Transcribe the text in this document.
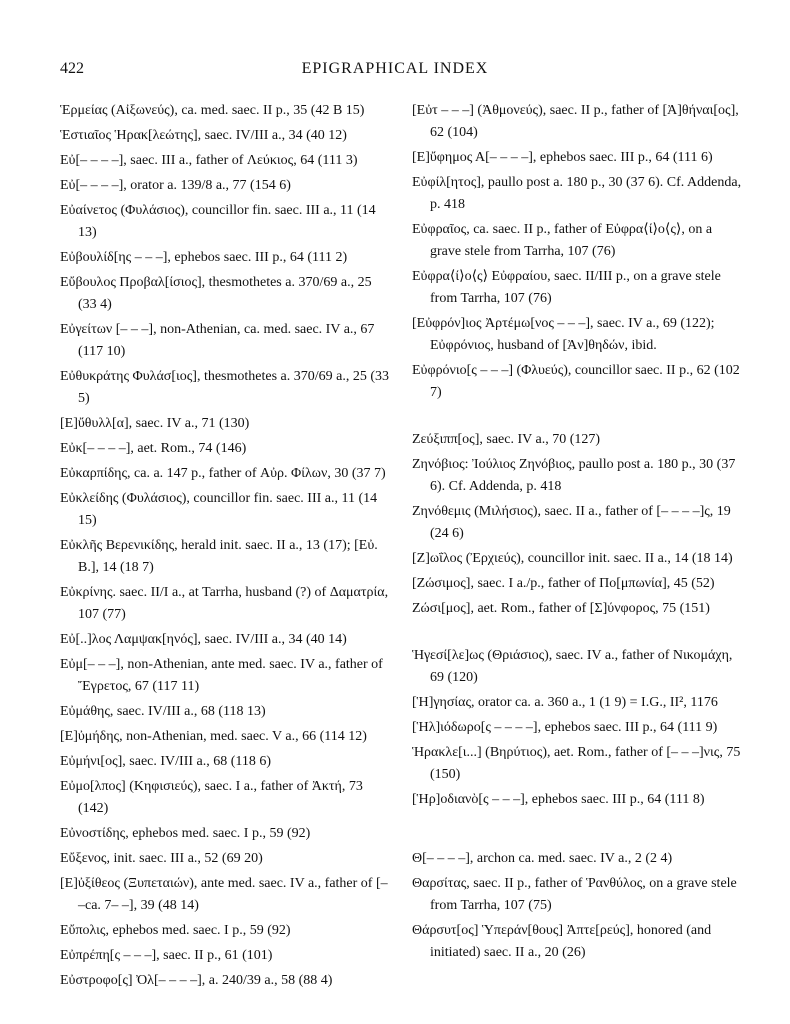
422	EPIGRAPHICAL INDEX

Ἑρμείας (Αἰξωνεύς), ca. med. saec. II p., 35 (42 B 15)

Ἑστιαῖος Ἡρακ[λεώτης], saec. IV/III a., 34 (40 12)

Εὐ[– – – –], saec. III a., father of Λεύκιος, 64 (111 3)

Εὐ[– – – –], orator a. 139/8 a., 77 (154 6)

Εὐαίνετος (Φυλάσιος), councillor fin. saec. III a., 11 (14 13)

Εὐβουλίδ[ης – – –], ephebos saec. III p., 64 (111 2)

Εὔβουλος Προβαλ[ίσιος], thesmothetes a. 370/69 a., 25 (33 4)

Εὐγείτων [– – –], non-Athenian, ca. med. saec. IV a., 67 (117 10)

Εὐθυκράτης Φυλάσ[ιος], thesmothetes a. 370/69 a., 25 (33 5)

[Ε]ὔθυλλ[α], saec. IV a., 71 (130)

Εὐκ[– – – –], aet. Rom., 74 (146)

Εὐκαρπίδης, ca. a. 147 p., father of Αὐρ. Φίλων, 30 (37 7)

Εὐκλείδης (Φυλάσιος), councillor fin. saec. III a., 11 (14 15)

Εὐκλῆς Βερενικίδης, herald init. saec. II a., 13 (17); [Εὐ. Β.], 14 (18 7)

Εὐκρίνης. saec. II/I a., at Tarrha, husband (?) of Δαματρία, 107 (77)

Εὐ[..]λος Λαμψακ[ηνός], saec. IV/III a., 34 (40 14)

Εὐμ[– – –], non-Athenian, ante med. saec. IV a., father of Ἔγρετος, 67 (117 11)

Εὐμάθης, saec. IV/III a., 68 (118 13)

[Ε]ὐμήδης, non-Athenian, med. saec. V a., 66 (114 12)

Εὐμήνι[ος], saec. IV/III a., 68 (118 6)

Εὐμο[λπος] (Κηφισιεύς), saec. I a., father of Ἀκτή, 73 (142)

Εὐνοστίδης, ephebos med. saec. I p., 59 (92)

Εὔξενος, init. saec. III a., 52 (69 20)

[Ε]ὐξίθεος (Ξυπεταιών), ante med. saec. IV a., father of [– –ca. 7– –], 39 (48 14)

Εὔπολις, ephebos med. saec. I p., 59 (92)

Εὐπρέπη[ς – – –], saec. II p., 61 (101)

Εὐστροφο[ς] Ὀλ[– – – –], a. 240/39 a., 58 (88 4)

[Εὐτ – – –] (Ἀθμονεύς), saec. II p., father of [Ἀ]θήναι[ος], 62 (104)

[Ε]ὔφημος Α[– – – –], ephebos saec. III p., 64 (111 6)

Εὐφίλ[ητος], paullo post a. 180 p., 30 (37 6). Cf. Addenda, p. 418

Εὐφραῖος, ca. saec. II p., father of Εὐφρα⟨ί⟩ο⟨ς⟩, on a grave stele from Tarrha, 107 (76)

Εὐφρα⟨ί⟩ο⟨ς⟩ Εὐφραίου, saec. II/III p., on a grave stele from Tarrha, 107 (76)

[Εὐφρόν]ιος Ἀρτέμω[νος – – –], saec. IV a., 69 (122); Εὐφρόνιος, husband of [Ἀν]θηδών, ibid.

Εὐφρόνιο[ς – – –] (Φλυεύς), councillor saec. II p., 62 (102 7)

Ζεύξιππ[ος], saec. IV a., 70 (127)

Ζηνόβιος: Ἰούλιος Ζηνόβιος, paullo post a. 180 p., 30 (37 6). Cf. Addenda, p. 418

Ζηνόθεμις (Μιλήσιος), saec. II a., father of [– – – –]ς, 19 (24 6)

[Ζ]ωΐλος (Ἐρχιεύς), councillor init. saec. II a., 14 (18 14)

[Ζώσιμος], saec. I a./p., father of Πο[μπωνία], 45 (52)

Ζώσι[μος], aet. Rom., father of [Σ]ύνφορος, 75 (151)

Ἡγεσί[λε]ως (Θριάσιος), saec. IV a., father of Νικομάχη, 69 (120)

[Ἡ]γησίας, orator ca. a. 360 a., 1 (1 9) = I.G., II², 1176

[Ἡλ]ιόδωρο[ς – – – –], ephebos saec. III p., 64 (111 9)

Ἡρακλε[ι...] (Βηρύτιος), aet. Rom., father of [– – –]νις, 75 (150)

[Ἡρ]οδιανὸ[ς – – –], ephebos saec. III p., 64 (111 8)

Θ[– – – –], archon ca. med. saec. IV a., 2 (2 4)

Θαρσίτας, saec. II p., father of Ῥανθύλος, on a grave stele from Tarrha, 107 (75)

Θάρσυτ[ος] Ὑπεράν[θους] Ἀπτε[ρεύς], honored (and initiated) saec. II a., 20 (26)
